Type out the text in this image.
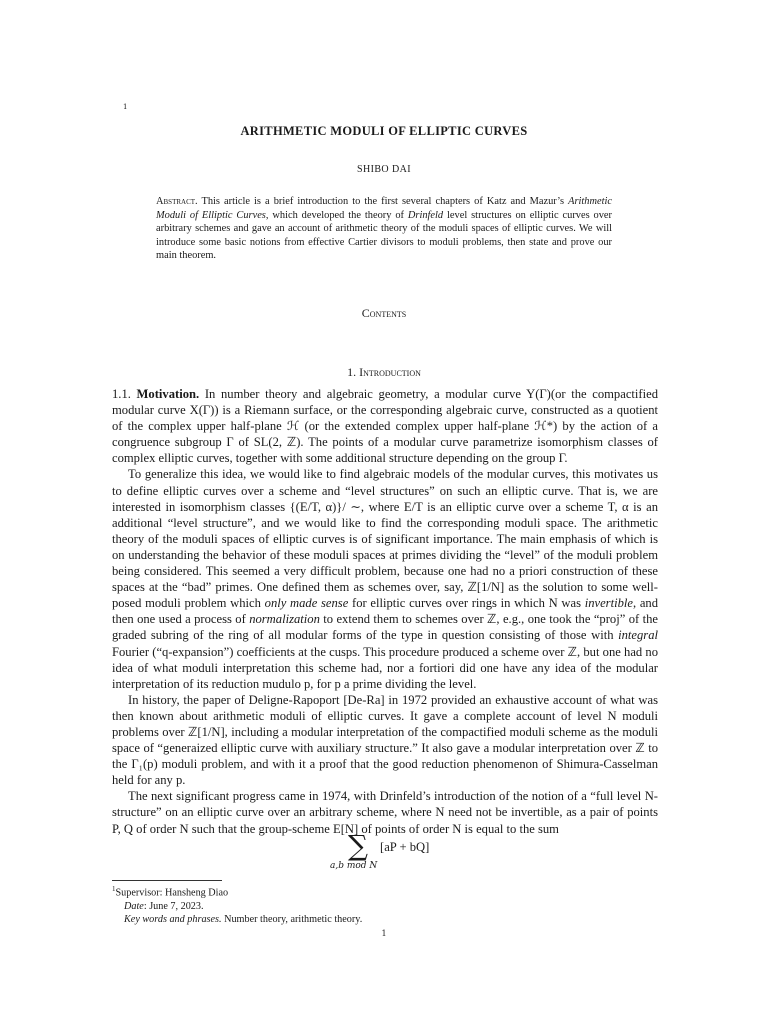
1
ARITHMETIC MODULI OF ELLIPTIC CURVES
SHIBO DAI
Abstract. This article is a brief introduction to the first several chapters of Katz and Mazur’s Arithmetic Moduli of Elliptic Curves, which developed the theory of Drinfeld level structures on elliptic curves over arbitrary schemes and gave an account of arithmetic theory of the moduli spaces of elliptic curves. We will introduce some basic notions from effective Cartier divisors to moduli problems, then state and prove our main theorem.
Contents
1. Introduction

1.1. Motivation. In number theory and algebraic geometry, a modular curve Y(Γ)(or the compactified modular curve X(Γ)) is a Riemann surface, or the corresponding algebraic curve, constructed as a quotient of the complex upper half-plane ℋ (or the extended complex upper half-plane ℋ*) by the action of a congruence subgroup Γ of SL(2, ℤ). The points of a modular curve parametrize isomorphism classes of complex elliptic curves, together with some additional structure depending on the group Γ.

To generalize this idea, we would like to find algebraic models of the modular curves, this motivates us to define elliptic curves over a scheme and “level structures” on such an elliptic curve. That is, we are interested in isomorphism classes {(E/T, α)}/ ∼, where E/T is an elliptic curve over a scheme T, α is an additional “level structure”, and we would like to find the corresponding moduli space. The arithmetic theory of the moduli spaces of elliptic curves is of significant importance. The main emphasis of which is on understanding the behavior of these moduli spaces at primes dividing the “level” of the moduli problem being considered. This seemed a very difficult problem, because one had no a priori construction of these spaces at the “bad” primes. One defined them as schemes over, say, ℤ[1/N] as the solution to some well-posed moduli problem which only made sense for elliptic curves over rings in which N was invertible, and then one used a process of normalization to extend them to schemes over ℤ, e.g., one took the “proj” of the graded subring of the ring of all modular forms of the type in question consisting of those with integral Fourier (“q-expansion”) coefficients at the cusps. This procedure produced a scheme over ℤ, but one had no idea of what moduli interpretation this scheme had, nor a fortiori did one have any idea of the modular interpretation of its reduction mudulo p, for p a prime dividing the level.

In history, the paper of Deligne-Rapoport [De-Ra] in 1972 provided an exhaustive account of what was then known about arithmetic moduli of elliptic curves. It gave a complete account of level N moduli problems over ℤ[1/N], including a modular interpretation of the compactified moduli scheme as the moduli space of “generaized elliptic curve with auxiliary structure.” It also gave a modular interpretation over ℤ to the Γ₁(p) moduli problem, and with it a proof that the good reduction phenomenon of Shimura-Casselman held for any p.

The next significant progress came in 1974, with Drinfeld’s introduction of the notion of a “full level N-structure” on an elliptic curve over an arbitrary scheme, where N need not be invertible, as a pair of points P, Q of order N such that the group-scheme E[N] of points of order N is equal to the sum

∑
a,b mod N
[aP + bQ]
$^1$Supervisor: Hansheng Diao
Date: June 7, 2023.
Key words and phrases. Number theory, arithmetic theory.
1
